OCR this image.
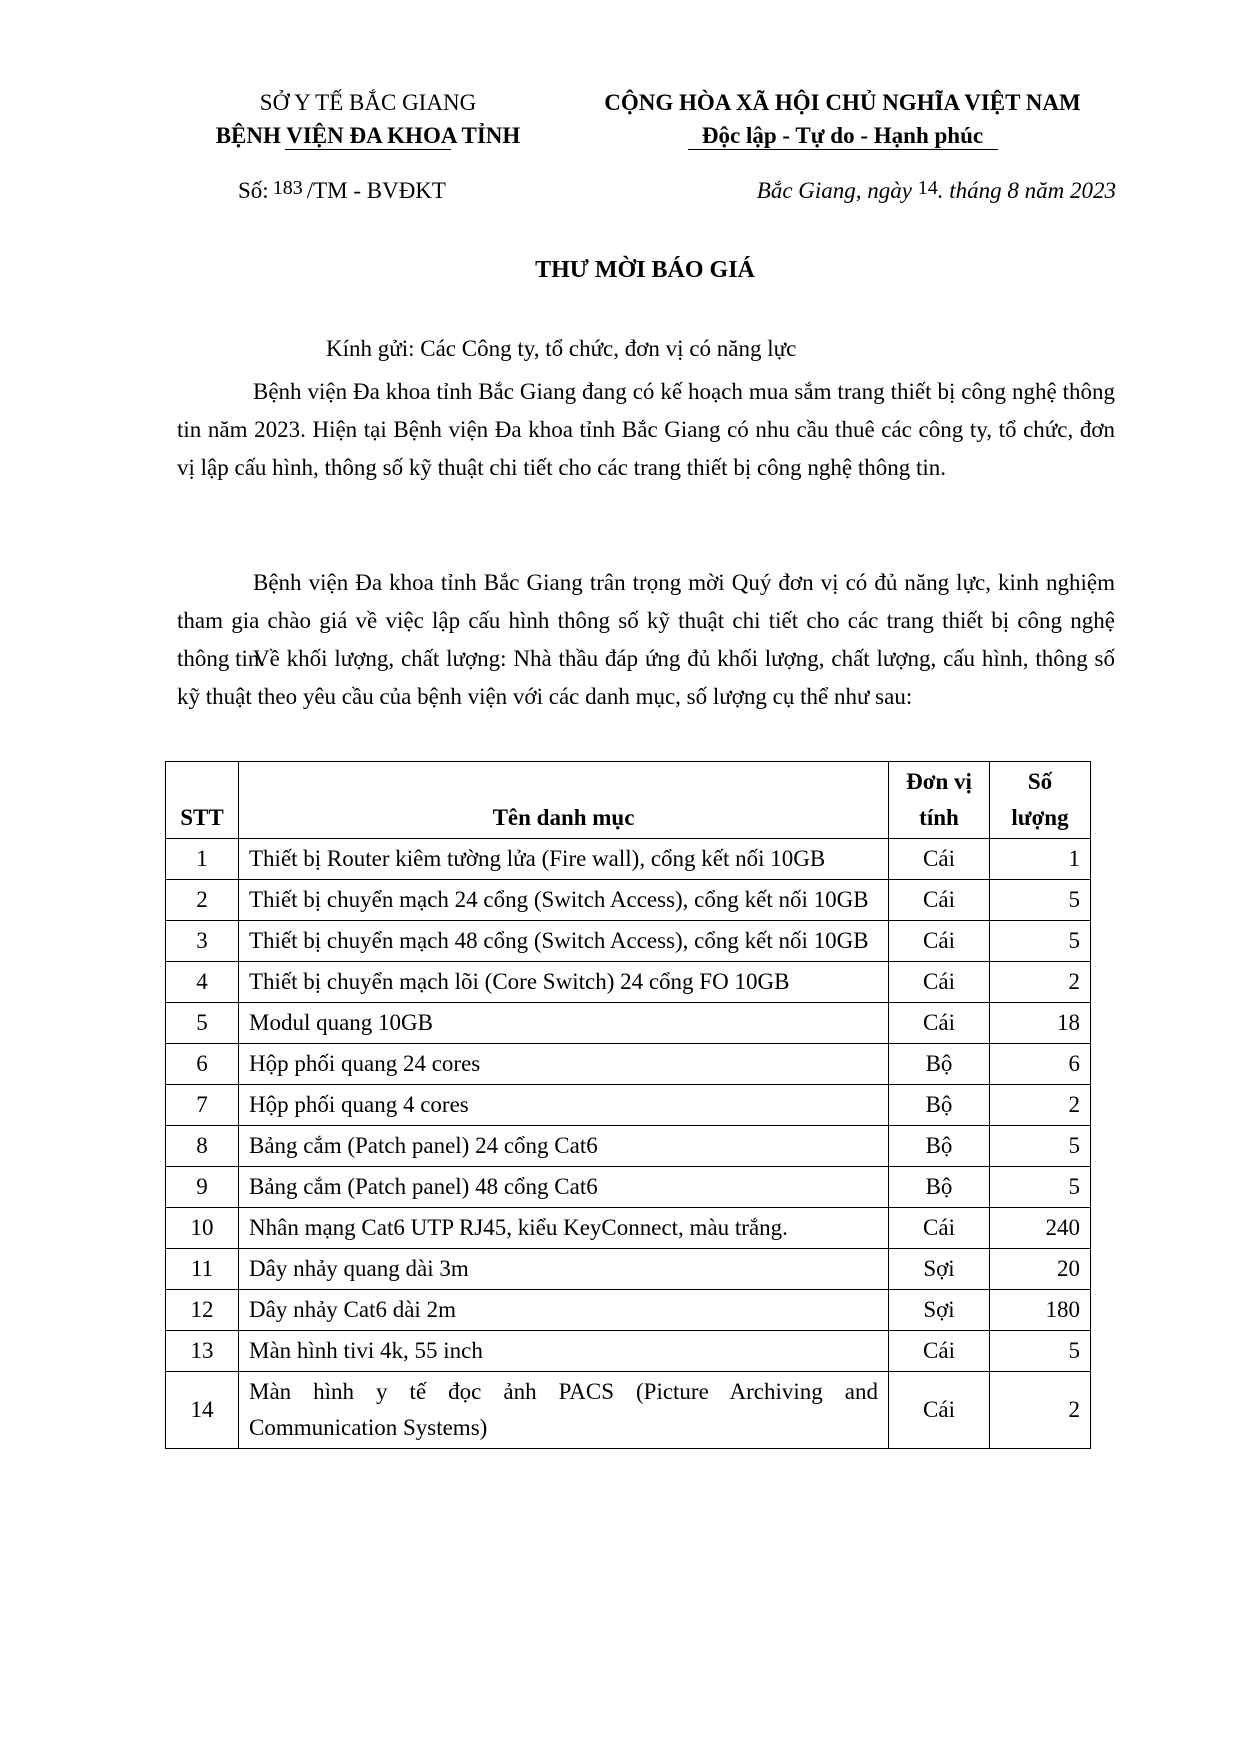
SỞ Y TẾ BẮC GIANG
BỆNH VIỆN ĐA KHOA TỈNH
CỘNG HÒA XÃ HỘI CHỦ NGHĨA VIỆT NAM
Độc lập - Tự do - Hạnh phúc
Số: 183 /TM - BVĐKT	Bắc Giang, ngày 14. tháng 8 năm 2023
THƯ MỜI BÁO GIÁ
Kính gửi: Các Công ty, tổ chức, đơn vị có năng lực
Bệnh viện Đa khoa tỉnh Bắc Giang đang có kế hoạch mua sắm trang thiết bị công nghệ thông tin năm 2023. Hiện tại Bệnh viện Đa khoa tỉnh Bắc Giang có nhu cầu thuê các công ty, tổ chức, đơn vị lập cấu hình, thông số kỹ thuật chi tiết cho các trang thiết bị công nghệ thông tin.
Bệnh viện Đa khoa tỉnh Bắc Giang trân trọng mời Quý đơn vị có đủ năng lực, kinh nghiệm tham gia chào giá về việc lập cấu hình thông số kỹ thuật chi tiết cho các trang thiết bị công nghệ thông tin.
Về khối lượng, chất lượng: Nhà thầu đáp ứng đủ khối lượng, chất lượng, cấu hình, thông số kỹ thuật theo yêu cầu của bệnh viện với các danh mục, số lượng cụ thể như sau:
STT	Tên danh mục	Đơn vị tính	Số lượng
1	Thiết bị Router kiêm tường lửa (Fire wall), cổng kết nối 10GB	Cái	1
2	Thiết bị chuyển mạch 24 cổng (Switch Access), cổng kết nối 10GB	Cái	5
3	Thiết bị chuyển mạch 48 cổng (Switch Access), cổng kết nối 10GB	Cái	5
4	Thiết bị chuyển mạch lõi (Core Switch) 24 cổng FO 10GB	Cái	2
5	Modul quang 10GB	Cái	18
6	Hộp phối quang 24 cores	Bộ	6
7	Hộp phối quang 4 cores	Bộ	2
8	Bảng cắm (Patch panel) 24 cổng Cat6	Bộ	5
9	Bảng cắm (Patch panel) 48 cổng Cat6	Bộ	5
10	Nhân mạng Cat6 UTP RJ45, kiểu KeyConnect, màu trắng.	Cái	240
11	Dây nhảy quang dài 3m	Sợi	20
12	Dây nhảy Cat6 dài 2m	Sợi	180
13	Màn hình tivi 4k, 55 inch	Cái	5
14	Màn hình y tế đọc ảnh PACS (Picture Archiving and Communication Systems)	Cái	2
